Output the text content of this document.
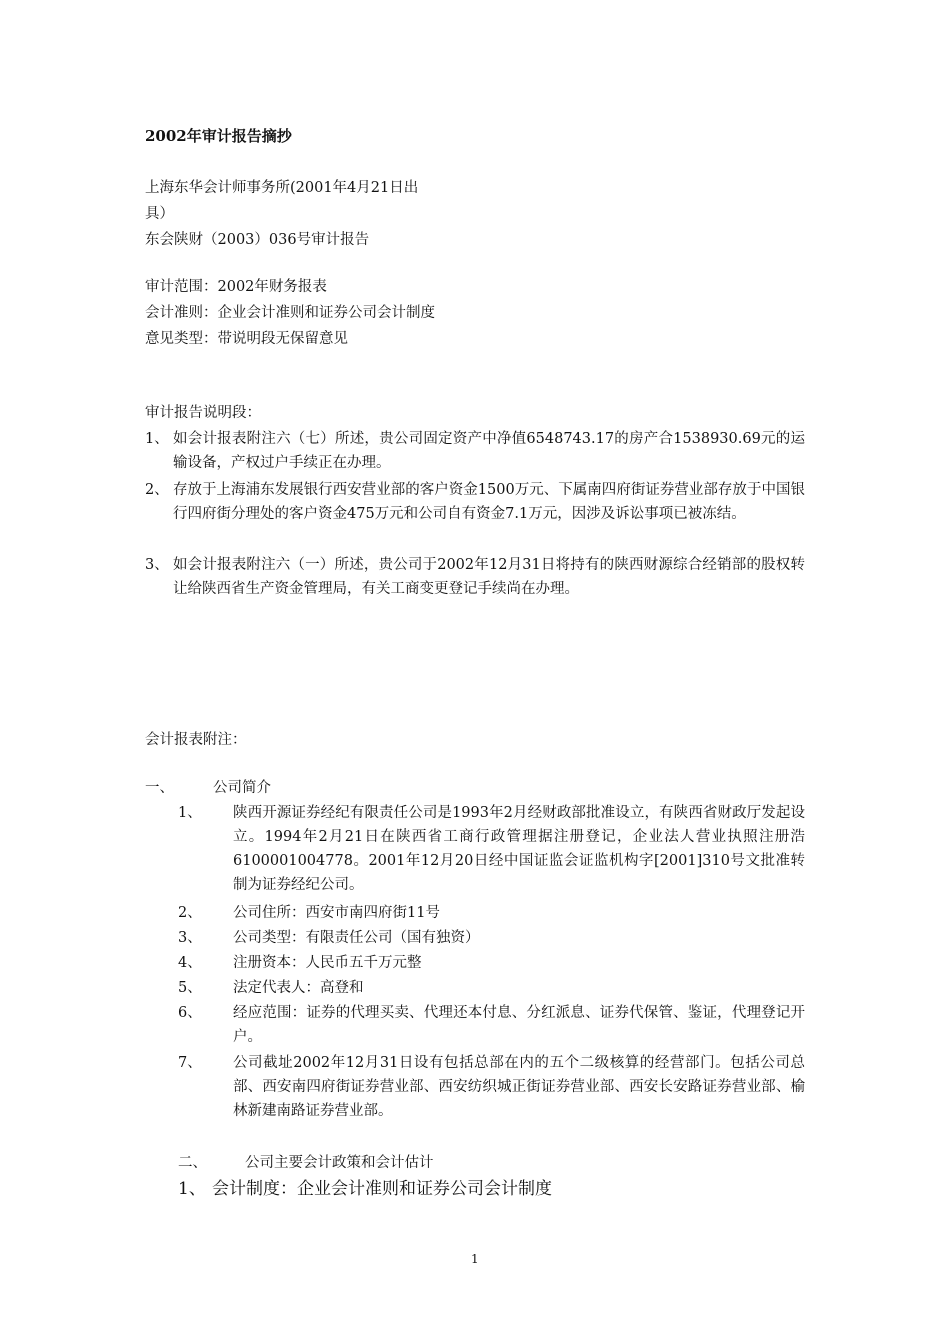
2002年审计报告摘抄
上海东华会计师事务所(2001年4月21日出
具）
东会陕财（2003）036号审计报告
审计范围：2002年财务报表
会计准则：企业会计准则和证券公司会计制度
意见类型：带说明段无保留意见
审计报告说明段：
1、 如会计报表附注六（七）所述，贵公司固定资产中净值6548743.17的房产合1538930.69元的运输设备，产权过户手续正在办理。
2、 存放于上海浦东发展银行西安营业部的客户资金1500万元、下属南四府街证券营业部存放于中国银行四府街分理处的客户资金475万元和公司自有资金7.1万元，因涉及诉讼事项已被冻结。
3、 如会计报表附注六（一）所述，贵公司于2002年12月31日将持有的陕西财源综合经销部的股权转让给陕西省生产资金管理局，有关工商变更登记手续尚在办理。
会计报表附注：
一、	公司简介
1、 陕西开源证券经纪有限责任公司是1993年2月经财政部批准设立，有陕西省财政厅发起设立。1994年2月21日在陕西省工商行政管理据注册登记，企业法人营业执照注册浩6100001004778。2001年12月20日经中国证监会证监机构字[2001]310号文批准转制为证券经纪公司。
2、 公司住所：西安市南四府街11号
3、 公司类型：有限责任公司（国有独资）
4、 注册资本：人民币五千万元整
5、 法定代表人：高登和
6、 经应范围：证券的代理买卖、代理还本付息、分红派息、证券代保管、鉴证，代理登记开户。
7、 公司截址2002年12月31日设有包括总部在内的五个二级核算的经营部门。包括公司总部、西安南四府街证券营业部、西安纺织城正街证券营业部、西安长安路证券营业部、榆林新建南路证券营业部。
二、	公司主要会计政策和会计估计
1、 会计制度：企业会计准则和证券公司会计制度
1
